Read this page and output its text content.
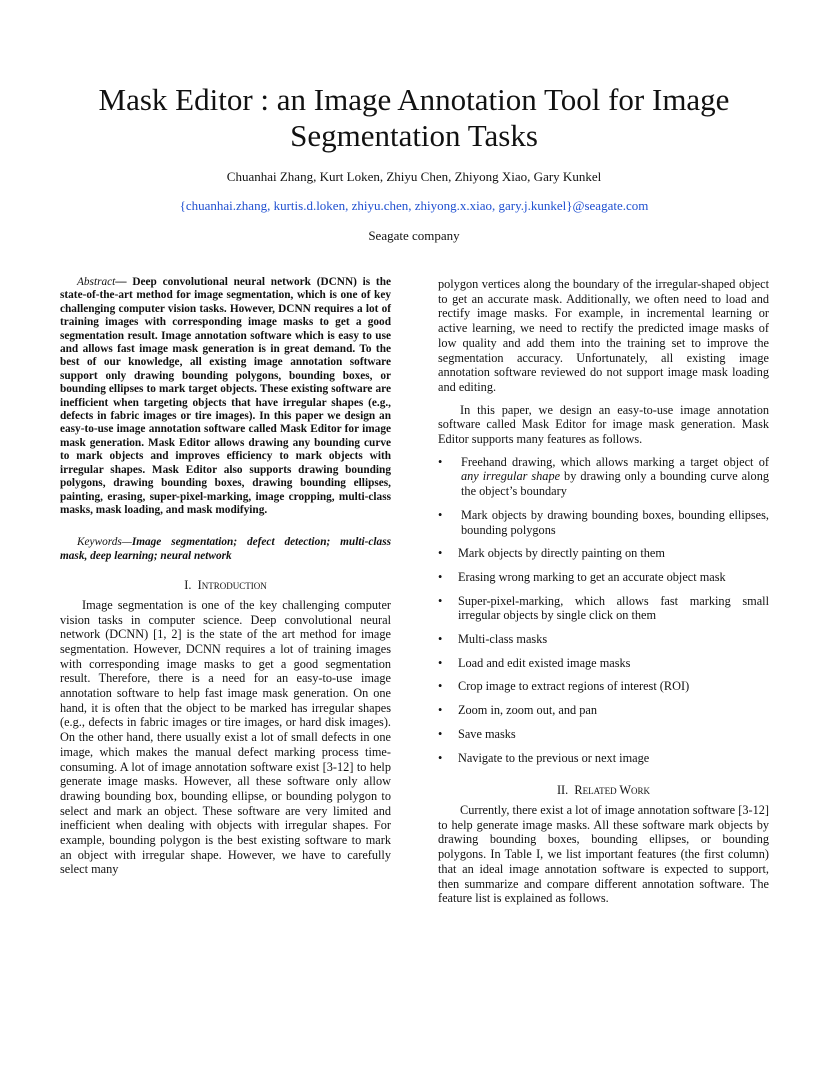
Mask Editor : an Image Annotation Tool for Image Segmentation Tasks
Chuanhai Zhang, Kurt Loken, Zhiyu Chen, Zhiyong Xiao, Gary Kunkel
{chuanhai.zhang, kurtis.d.loken, zhiyu.chen, zhiyong.x.xiao, gary.j.kunkel}@seagate.com
Seagate company

Abstract— Deep convolutional neural network (DCNN) is the state-of-the-art method for image segmentation, which is one of key challenging computer vision tasks. However, DCNN requires a lot of training images with corresponding image masks to get a good segmentation result. Image annotation software which is easy to use and allows fast image mask generation is in great demand. To the best of our knowledge, all existing image annotation software support only drawing bounding polygons, bounding boxes, or bounding ellipses to mark target objects. These existing software are inefficient when targeting objects that have irregular shapes (e.g., defects in fabric images or tire images). In this paper we design an easy-to-use image annotation software called Mask Editor for image mask generation. Mask Editor allows drawing any bounding curve to mark objects and improves efficiency to mark objects with irregular shapes. Mask Editor also supports drawing bounding polygons, drawing bounding boxes, drawing bounding ellipses, painting, erasing, super-pixel-marking, image cropping, multi-class masks, mask loading, and mask modifying.

Keywords—Image segmentation; defect detection; multi-class mask, deep learning; neural network

I. Introduction

Image segmentation is one of the key challenging computer vision tasks in computer science. Deep convolutional neural network (DCNN) [1, 2] is the state of the art method for image segmentation. However, DCNN requires a lot of training images with corresponding image masks to get a good segmentation result. Therefore, there is a need for an easy-to-use image annotation software to help fast image mask generation. On one hand, it is often that the object to be marked has irregular shapes (e.g., defects in fabric images or tire images, or hard disk images). On the other hand, there usually exist a lot of small defects in one image, which makes the manual defect marking process time-consuming. A lot of image annotation software exist [3-12] to help generate image masks. However, all these software only allow drawing bounding box, bounding ellipse, or bounding polygon to select and mark an object. These software are very limited and inefficient when dealing with objects with irregular shapes. For example, bounding polygon is the best existing software to mark an object with irregular shape. However, we have to carefully select many

polygon vertices along the boundary of the irregular-shaped object to get an accurate mask. Additionally, we often need to load and rectify image masks. For example, in incremental learning or active learning, we need to rectify the predicted image masks of low quality and add them into the training set to improve the segmentation accuracy. Unfortunately, all existing image annotation software reviewed do not support image mask loading and editing.

In this paper, we design an easy-to-use image annotation software called Mask Editor for image mask generation. Mask Editor supports many features as follows.

• Freehand drawing, which allows marking a target object of any irregular shape by drawing only a bounding curve along the object’s boundary
• Mark objects by drawing bounding boxes, bounding ellipses, bounding polygons
• Mark objects by directly painting on them
• Erasing wrong marking to get an accurate object mask
• Super-pixel-marking, which allows fast marking small irregular objects by single click on them
• Multi-class masks
• Load and edit existed image masks
• Crop image to extract regions of interest (ROI)
• Zoom in, zoom out, and pan
• Save masks
• Navigate to the previous or next image
II. Related Work

Currently, there exist a lot of image annotation software [3-12] to help generate image masks. All these software mark objects by drawing bounding boxes, bounding ellipses, or bounding polygons. In Table I, we list important features (the first column) that an ideal image annotation software is expected to support, then summarize and compare different annotation software. The feature list is explained as follows.
